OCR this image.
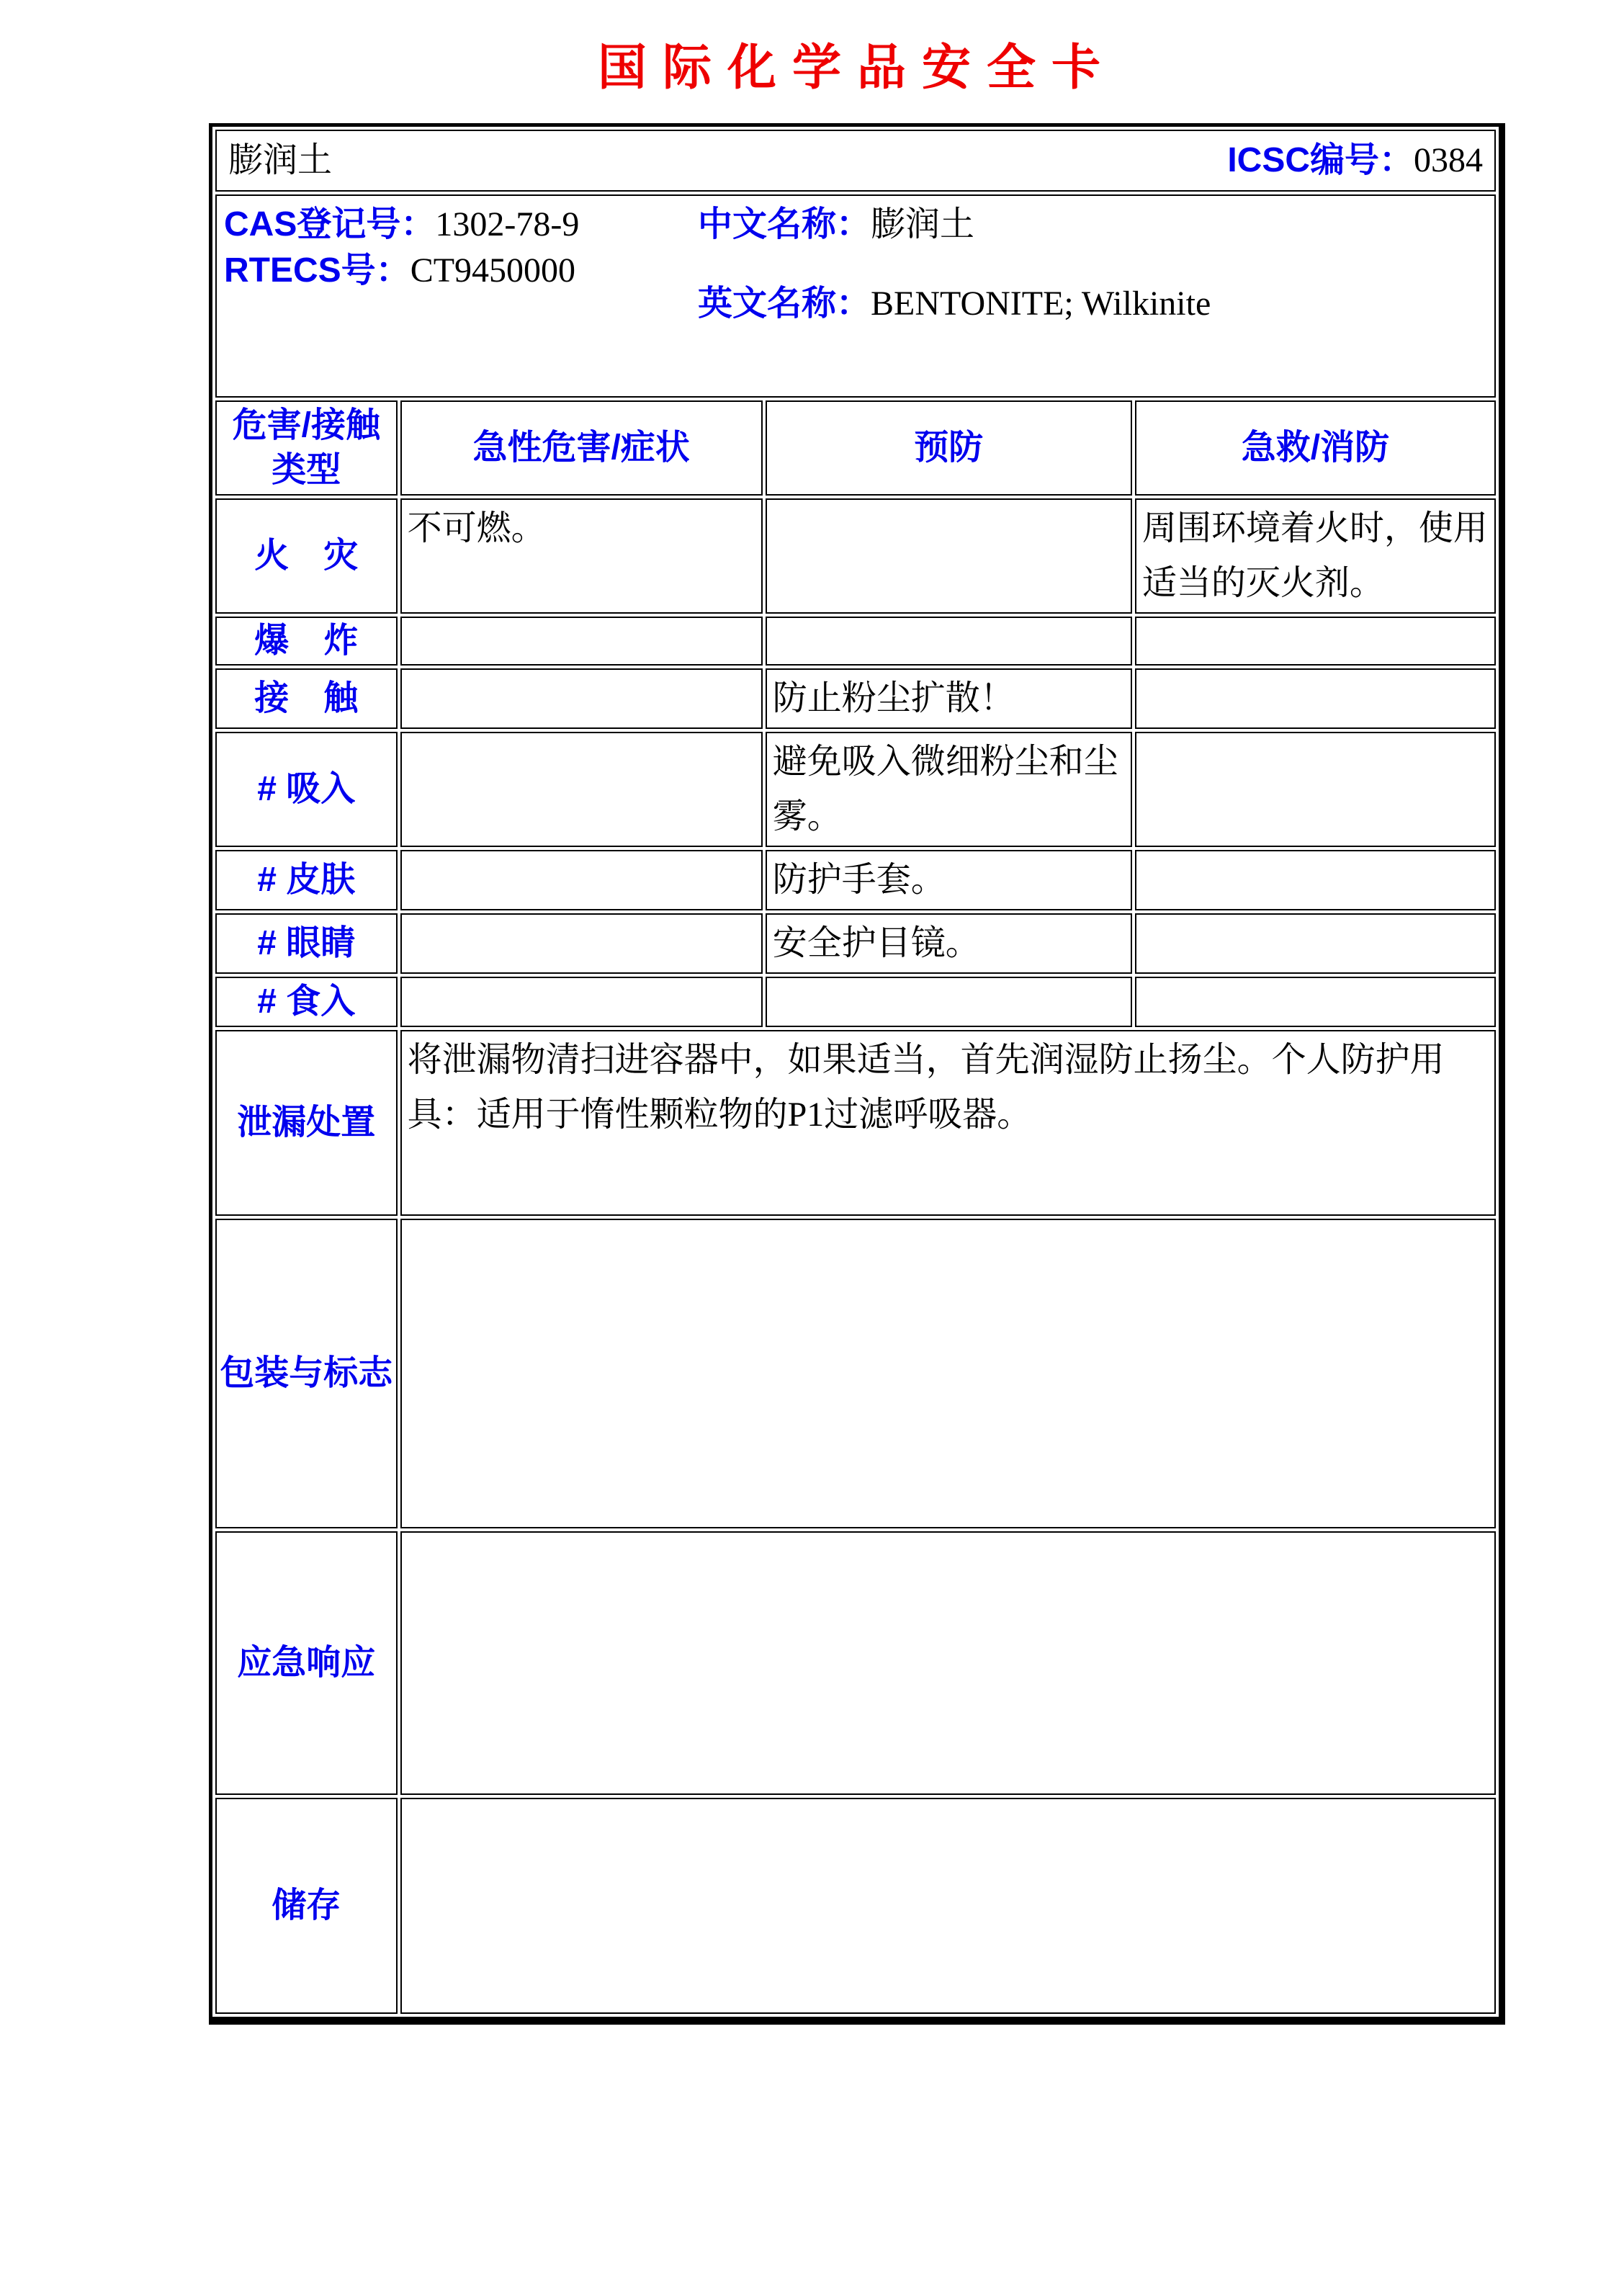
国际化学品安全卡
膨润土 ICSC编号：0384			

CAS登记号：1302-78-9
RTECS号：CT9450000
中文名称：膨润土
英文名称：BENTONITE; Wilkinite			

危害/接触
类型	急性危害/症状	预防	急救/消防
火　灾	不可燃。		周围环境着火时，使用适当的灭火剂。
爆　炸			
接　触		防止粉尘扩散！	
# 吸入		避免吸入微细粉尘和尘雾。	
# 皮肤		防护手套。	
# 眼睛		安全护目镜。	
# 食入			
泄漏处置	将泄漏物清扫进容器中，如果适当，首先润湿防止扬尘。个人防护用具：适用于惰性颗粒物的P1过滤呼吸器。		
包装与标志			
应急响应			
储存			
